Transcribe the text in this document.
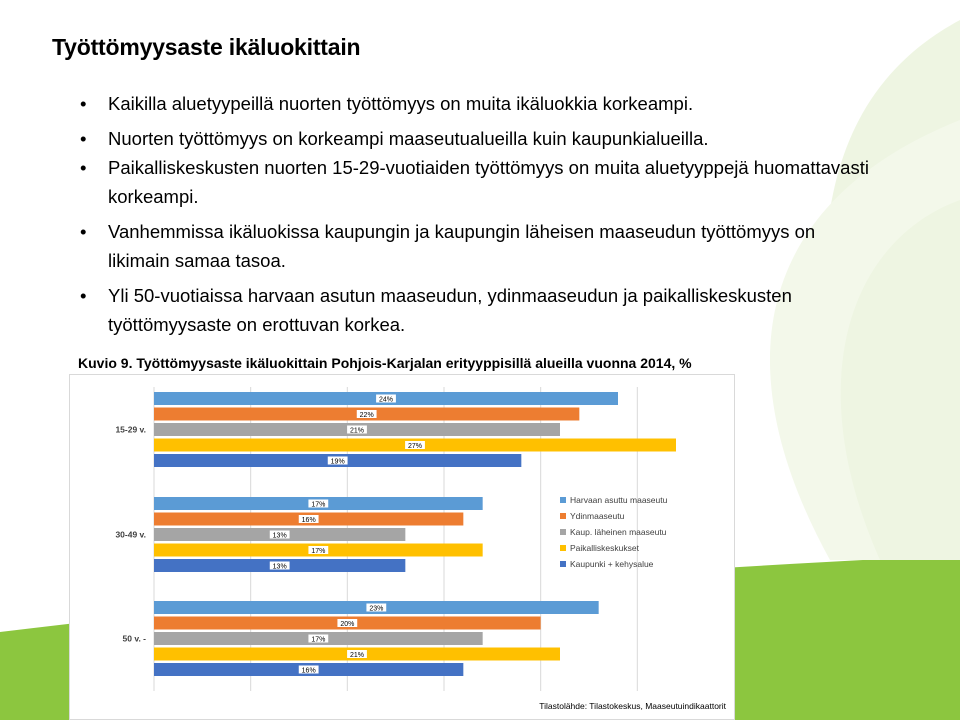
Työttömyysaste ikäluokittain
• Kaikilla aluetyypeillä nuorten työttömyys on muita ikäluokkia korkeampi.
• Nuorten työttömyys on korkeampi maaseutualueilla kuin kaupunkialueilla.
• Paikalliskeskusten nuorten 15-29-vuotiaiden työttömyys on muita aluetyyppejä huomattavasti korkeampi.
• Vanhemmissa ikäluokissa kaupungin ja kaupungin läheisen maaseudun työttömyys on likimain samaa tasoa.
• Yli 50-vuotiaissa harvaan asutun maaseudun, ydinmaaseudun ja paikalliskeskusten työttömyysaste on erottuvan korkea.

Kuvio 9. Työttömyysaste ikäluokittain Pohjois-Karjalan erityyppisillä alueilla vuonna 2014, %

24%
22%
21%
27%
19%
15-29 v.
17%
16%
13%
17%
13%
30-49 v.
23%
20%
17%
21%
16%
50 v. -
Harvaan asuttu maaseutu
Ydinmaaseutu
Kaup. läheinen maaseutu
Paikalliskeskukset
Kaupunki + kehysalue
Tilastolähde: Tilastokeskus, Maaseutuindikaattorit
